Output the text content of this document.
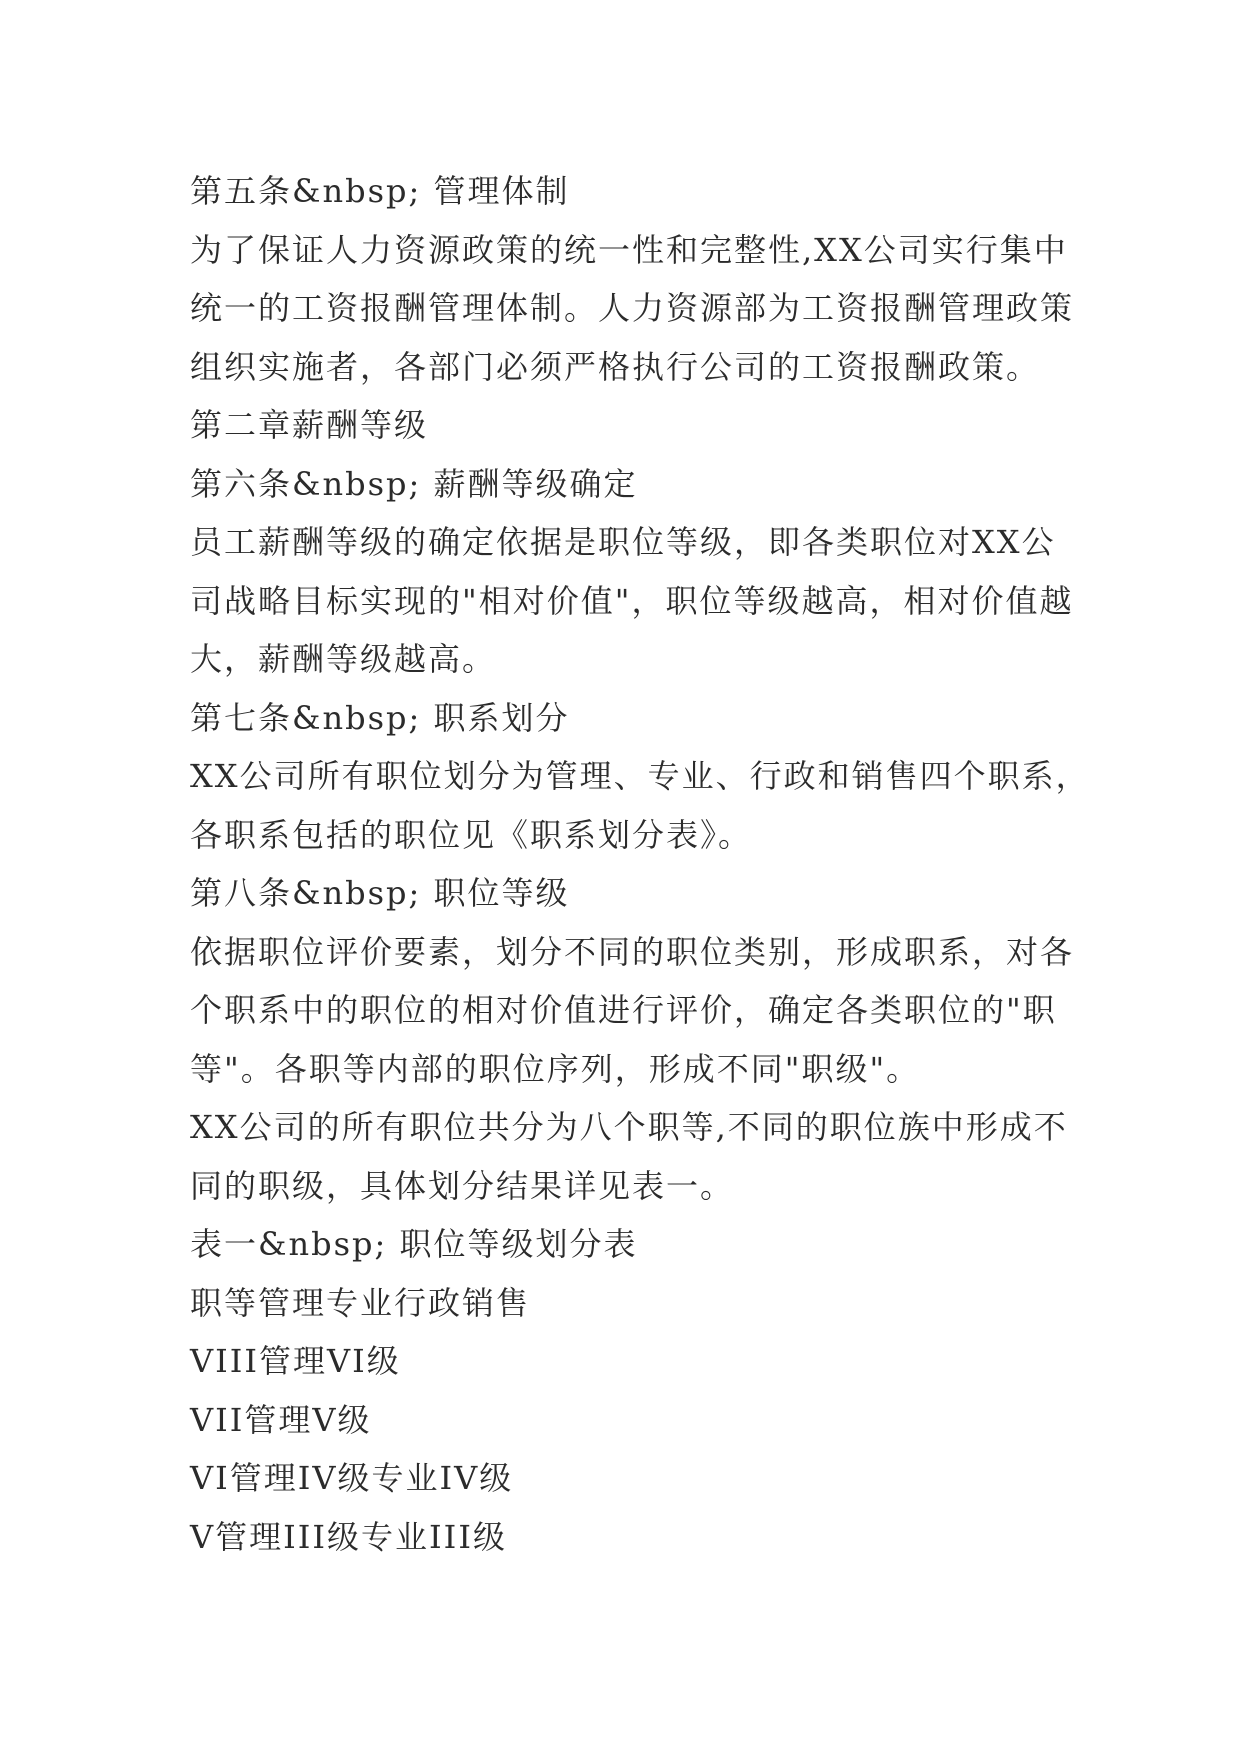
第五条&nbsp; 管理体制
为了保证人力资源政策的统一性和完整性,XX公司实行集中
统一的工资报酬管理体制。人力资源部为工资报酬管理政策
组织实施者，各部门必须严格执行公司的工资报酬政策。
第二章薪酬等级
第六条&nbsp; 薪酬等级确定
员工薪酬等级的确定依据是职位等级，即各类职位对XX公
司战略目标实现的"相对价值"，职位等级越高，相对价值越
大，薪酬等级越高。
第七条&nbsp; 职系划分
XX公司所有职位划分为管理、专业、行政和销售四个职系，
各职系包括的职位见《职系划分表》。
第八条&nbsp; 职位等级
依据职位评价要素，划分不同的职位类别，形成职系，对各
个职系中的职位的相对价值进行评价，确定各类职位的"职
等"。各职等内部的职位序列，形成不同"职级"。
XX公司的所有职位共分为八个职等,不同的职位族中形成不
同的职级，具体划分结果详见表一。
表一&nbsp; 职位等级划分表
职等管理专业行政销售
VIII管理VI级
VII管理V级
VI管理IV级专业IV级
V管理III级专业III级
